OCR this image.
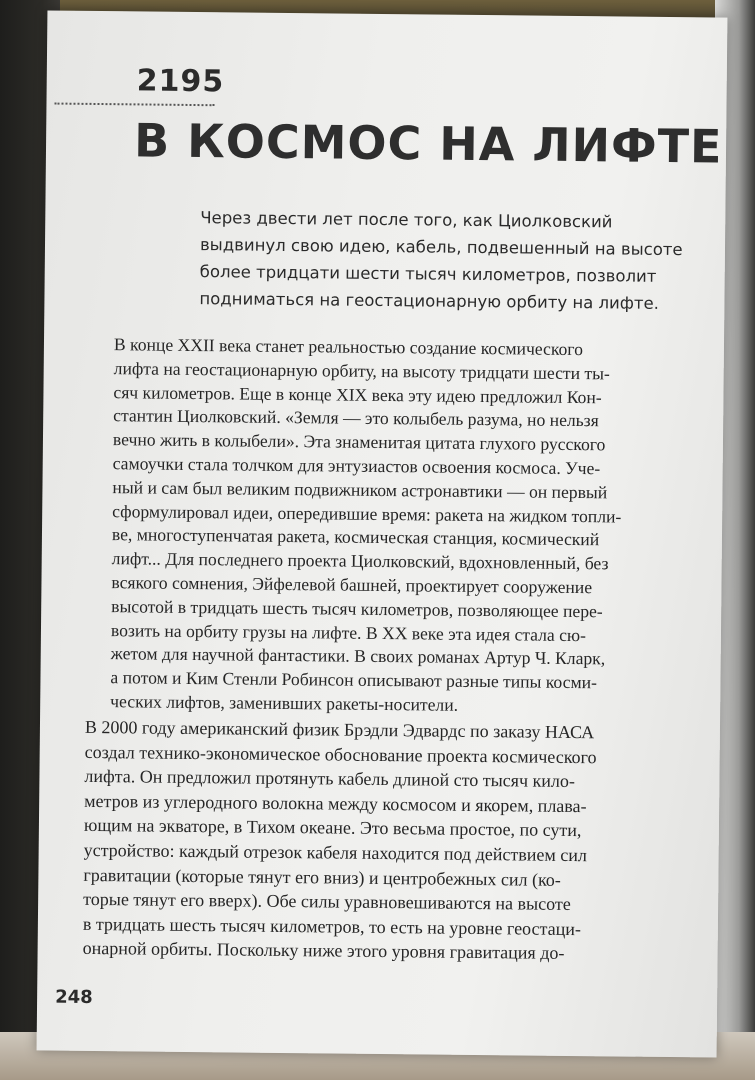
2195
В КОСМОС НА ЛИФТЕ
Через двести лет после того, как Циолковский
выдвинул свою идею, кабель, подвешенный на высоте
более тридцати шести тысяч километров, позволит
подниматься на геостационарную орбиту на лифте.
В конце XXII века станет реальностью создание космического
лифта на геостационарную орбиту, на высоту тридцати шести ты-
сяч километров. Еще в конце XIX века эту идею предложил Кон-
стантин Циолковский. «Земля — это колыбель разума, но нельзя
вечно жить в колыбели». Эта знаменитая цитата глухого русского
самоучки стала толчком для энтузиастов освоения космоса. Уче-
ный и сам был великим подвижником астронавтики — он первый
сформулировал идеи, опередившие время: ракета на жидком топли-
ве, многоступенчатая ракета, космическая станция, космический
лифт... Для последнего проекта Циолковский, вдохновленный, без
всякого сомнения, Эйфелевой башней, проектирует сооружение
высотой в тридцать шесть тысяч километров, позволяющее пере-
возить на орбиту грузы на лифте. В XX веке эта идея стала сю-
жетом для научной фантастики. В своих романах Артур Ч. Кларк,
а потом и Ким Стенли Робинсон описывают разные типы косми-
ческих лифтов, заменивших ракеты-носители.
В 2000 году американский физик Брэдли Эдвардс по заказу НАСА
создал технико-экономическое обоснование проекта космического
лифта. Он предложил протянуть кабель длиной сто тысяч кило-
метров из углеродного волокна между космосом и якорем, плава-
ющим на экваторе, в Тихом океане. Это весьма простое, по сути,
устройство: каждый отрезок кабеля находится под действием сил
гравитации (которые тянут его вниз) и центробежных сил (ко-
торые тянут его вверх). Обе силы уравновешиваются на высоте
в тридцать шесть тысяч километров, то есть на уровне геостаци-
онарной орбиты. Поскольку ниже этого уровня гравитация до-
248
